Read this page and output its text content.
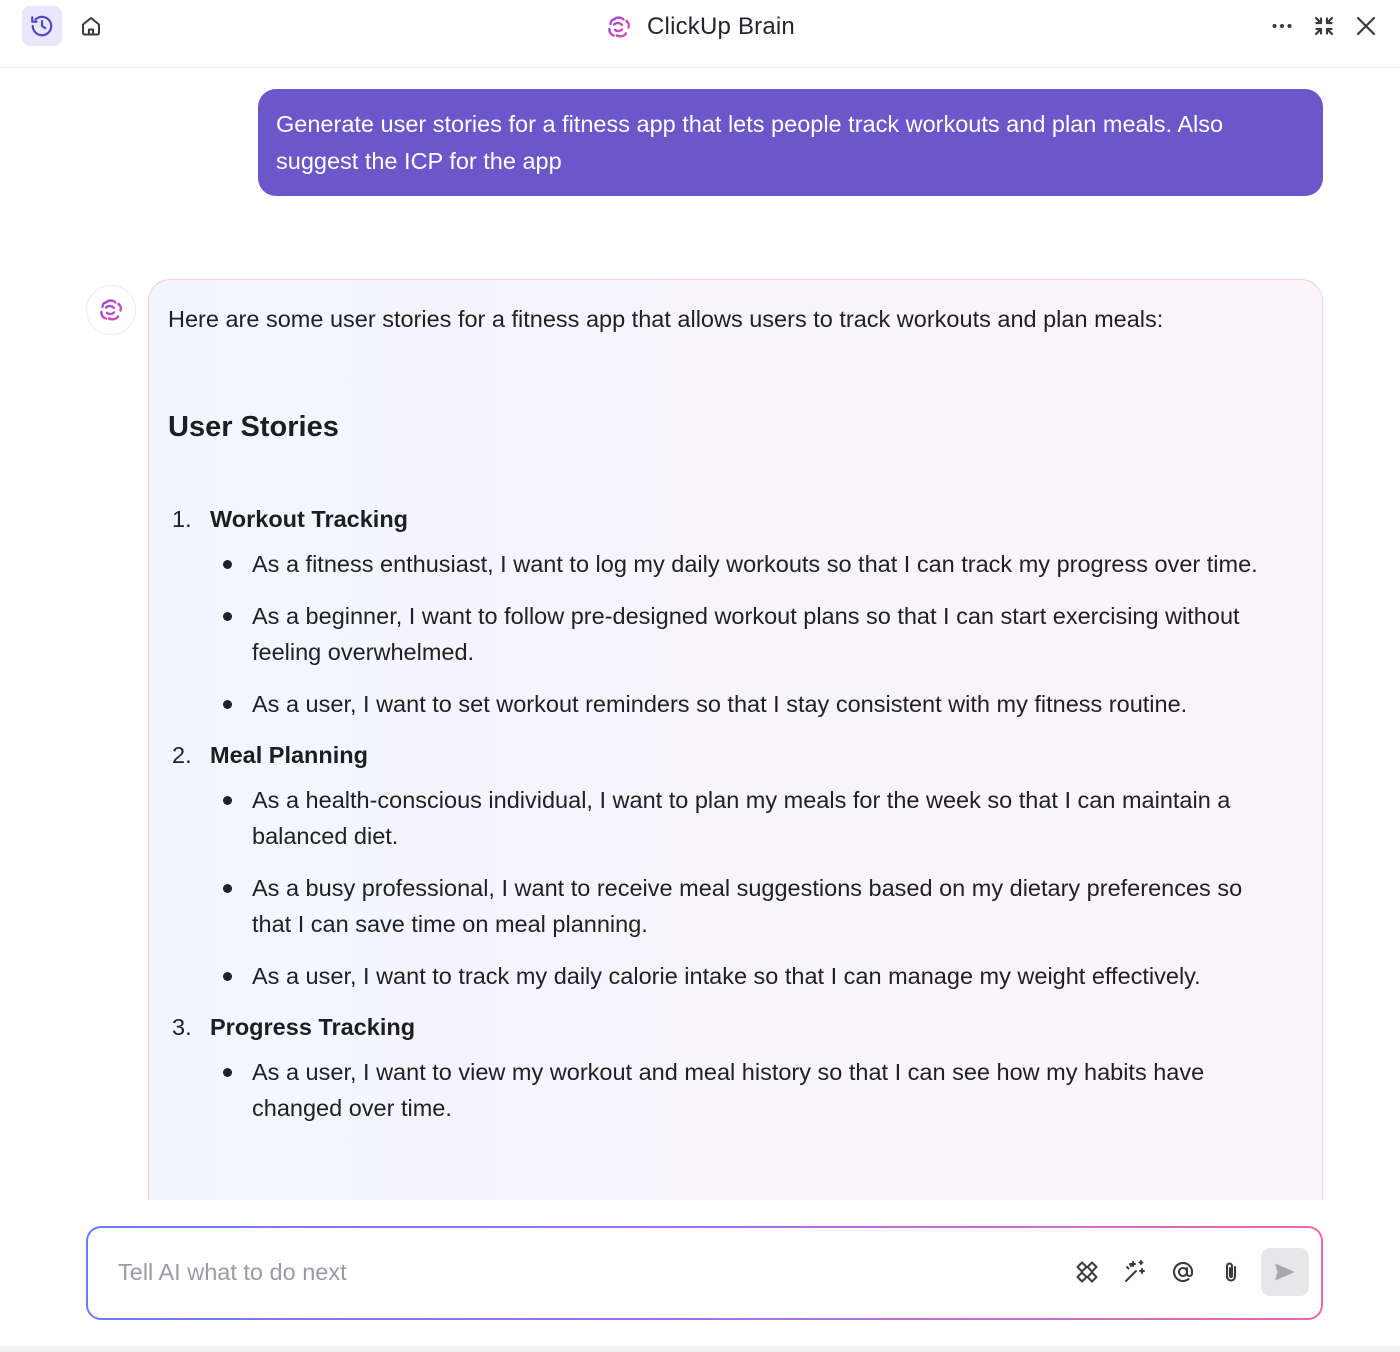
ClickUp Brain
Generate user stories for a fitness app that lets people track workouts and plan meals. Also suggest the ICP for the app
Here are some user stories for a fitness app that allows users to track workouts and plan meals:
User Stories
1. Workout Tracking
As a fitness enthusiast, I want to log my daily workouts so that I can track my progress over time.
As a beginner, I want to follow pre-designed workout plans so that I can start exercising without feeling overwhelmed.
As a user, I want to set workout reminders so that I stay consistent with my fitness routine.
2. Meal Planning
As a health-conscious individual, I want to plan my meals for the week so that I can maintain a balanced diet.
As a busy professional, I want to receive meal suggestions based on my dietary preferences so that I can save time on meal planning.
As a user, I want to track my daily calorie intake so that I can manage my weight effectively.
3. Progress Tracking
As a user, I want to view my workout and meal history so that I can see how my habits have changed over time.
Tell AI what to do next
